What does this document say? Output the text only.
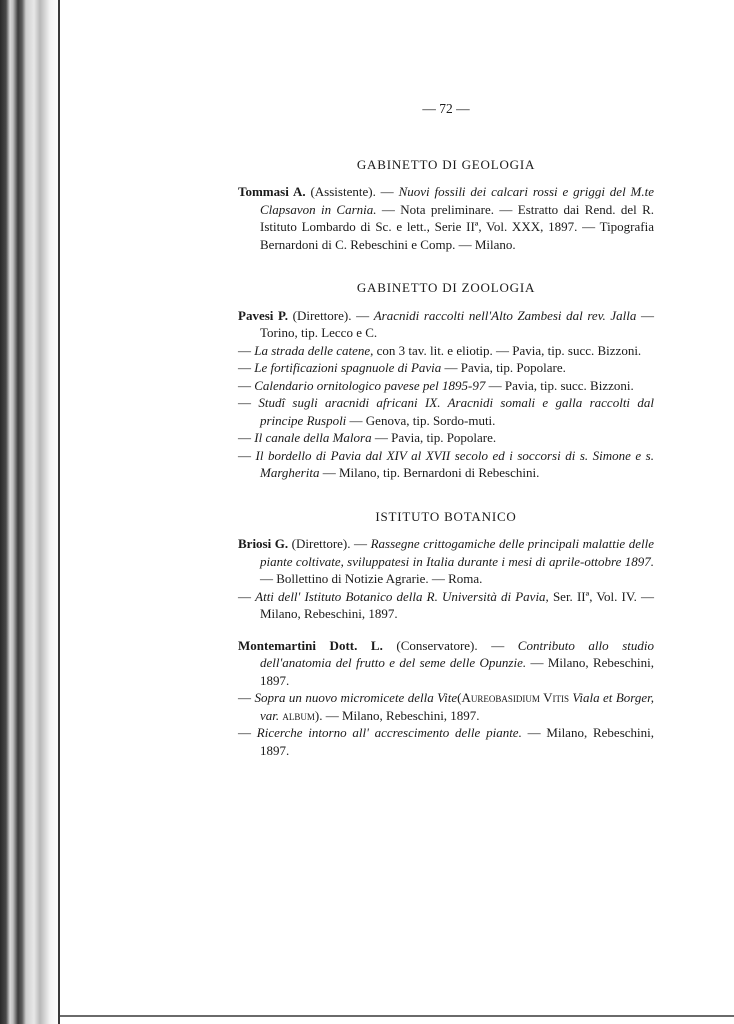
— 72 —
GABINETTO DI GEOLOGIA

Tommasi A. (Assistente). — Nuovi fossili dei calcari rossi e griggi del M.te Clapsavon in Carnia. — Nota preliminare. — Estratto dai Rend. del R. Istituto Lombardo di Sc. e lett., Serie IIª, Vol. XXX, 1897. — Tipografia Bernardoni di C. Rebeschini e Comp. — Milano.

GABINETTO DI ZOOLOGIA
Pavesi P. (Direttore). — Aracnidi raccolti nell'Alto Zambesi dal rev. Jalla — Torino, tip. Lecco e C.
— La strada delle catene, con 3 tav. lit. e eliotip. — Pavia, tip. succ. Bizzoni.
— Le fortificazioni spagnuole di Pavia — Pavia, tip. Popolare.
— Calendario ornitologico pavese pel 1895-97 — Pavia, tip. succ. Bizzoni.
— Studî sugli aracnidi africani IX. Aracnidi somali e galla raccolti dal principe Ruspoli — Genova, tip. Sordo-muti.
— Il canale della Malora — Pavia, tip. Popolare.
— Il bordello di Pavia dal XIV al XVII secolo ed i soccorsi di s. Simone e s. Margherita — Milano, tip. Bernardoni di Rebeschini.
ISTITUTO BOTANICO
Briosi G. (Direttore). — Rassegne crittogamiche delle principali malattie delle piante coltivate, sviluppatesi in Italia durante i mesi di aprile-ottobre 1897. — Bollettino di Notizie Agrarie. — Roma.
— Atti dell' Istituto Botanico della R. Università di Pavia, Ser. IIª, Vol. IV. — Milano, Rebeschini, 1897.
Montemartini Dott. L. (Conservatore). — Contributo allo studio dell'anatomia del frutto e del seme delle Opunzie. — Milano, Rebeschini, 1897.
— Sopra un nuovo micromicete della Vite(Aureobasidium Vitis Viala et Borger, var. album). — Milano, Rebeschini, 1897.
— Ricerche intorno all' accrescimento delle piante. — Milano, Rebeschini, 1897.
